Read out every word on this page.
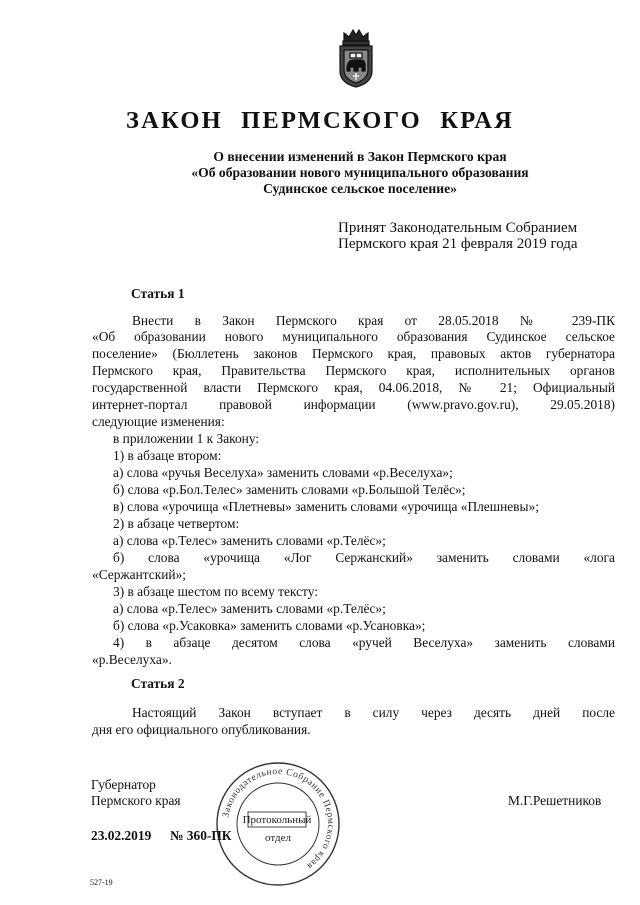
ЗАКОН ПЕРМСКОГО КРАЯ
О внесении изменений в Закон Пермского края
«Об образовании нового муниципального образования
Судинское сельское поселение»
Принят Законодательным Собранием
Пермского края 21 февраля 2019 года
Статья 1
Внести в Закон Пермского края от 28.05.2018 № 239-ПК
«Об образовании нового муниципального образования Судинское сельское
поселение» (Бюллетень законов Пермского края, правовых актов губернатора
Пермского края, Правительства Пермского края, исполнительных органов
государственной власти Пермского края, 04.06.2018, № 21; Официальный
интернет-портал правовой информации (www.pravo.gov.ru), 29.05.2018)
следующие изменения:
в приложении 1 к Закону:
1) в абзаце втором:
а) слова «ручья Веселуха» заменить словами «р.Веселуха»;
б) слова «р.Бол.Телес» заменить словами «р.Большой Телёс»;
в) слова «урочища «Плетневы» заменить словами «урочища «Плешневы»;
2) в абзаце четвертом:
а) слова «р.Телес» заменить словами «р.Телёс»;
б) слова «урочища «Лог Сержанский» заменить словами «лога
«Сержантский»;
3) в абзаце шестом по всему тексту:
а) слова «р.Телес» заменить словами «р.Телёс»;
б) слова «р.Усаковка» заменить словами «р.Усановка»;
4) в абзаце десятом слова «ручей Веселуха» заменить словами
«р.Веселуха».
Статья 2
Настоящий Закон вступает в силу через десять дней после
дня его официального опубликования.
Губернатор
Пермского края	М.Г.Решетников
Законодательное Собрание Пермского края
Протокольный
отдел
23.02.2019 № 360-ПК
527-19
